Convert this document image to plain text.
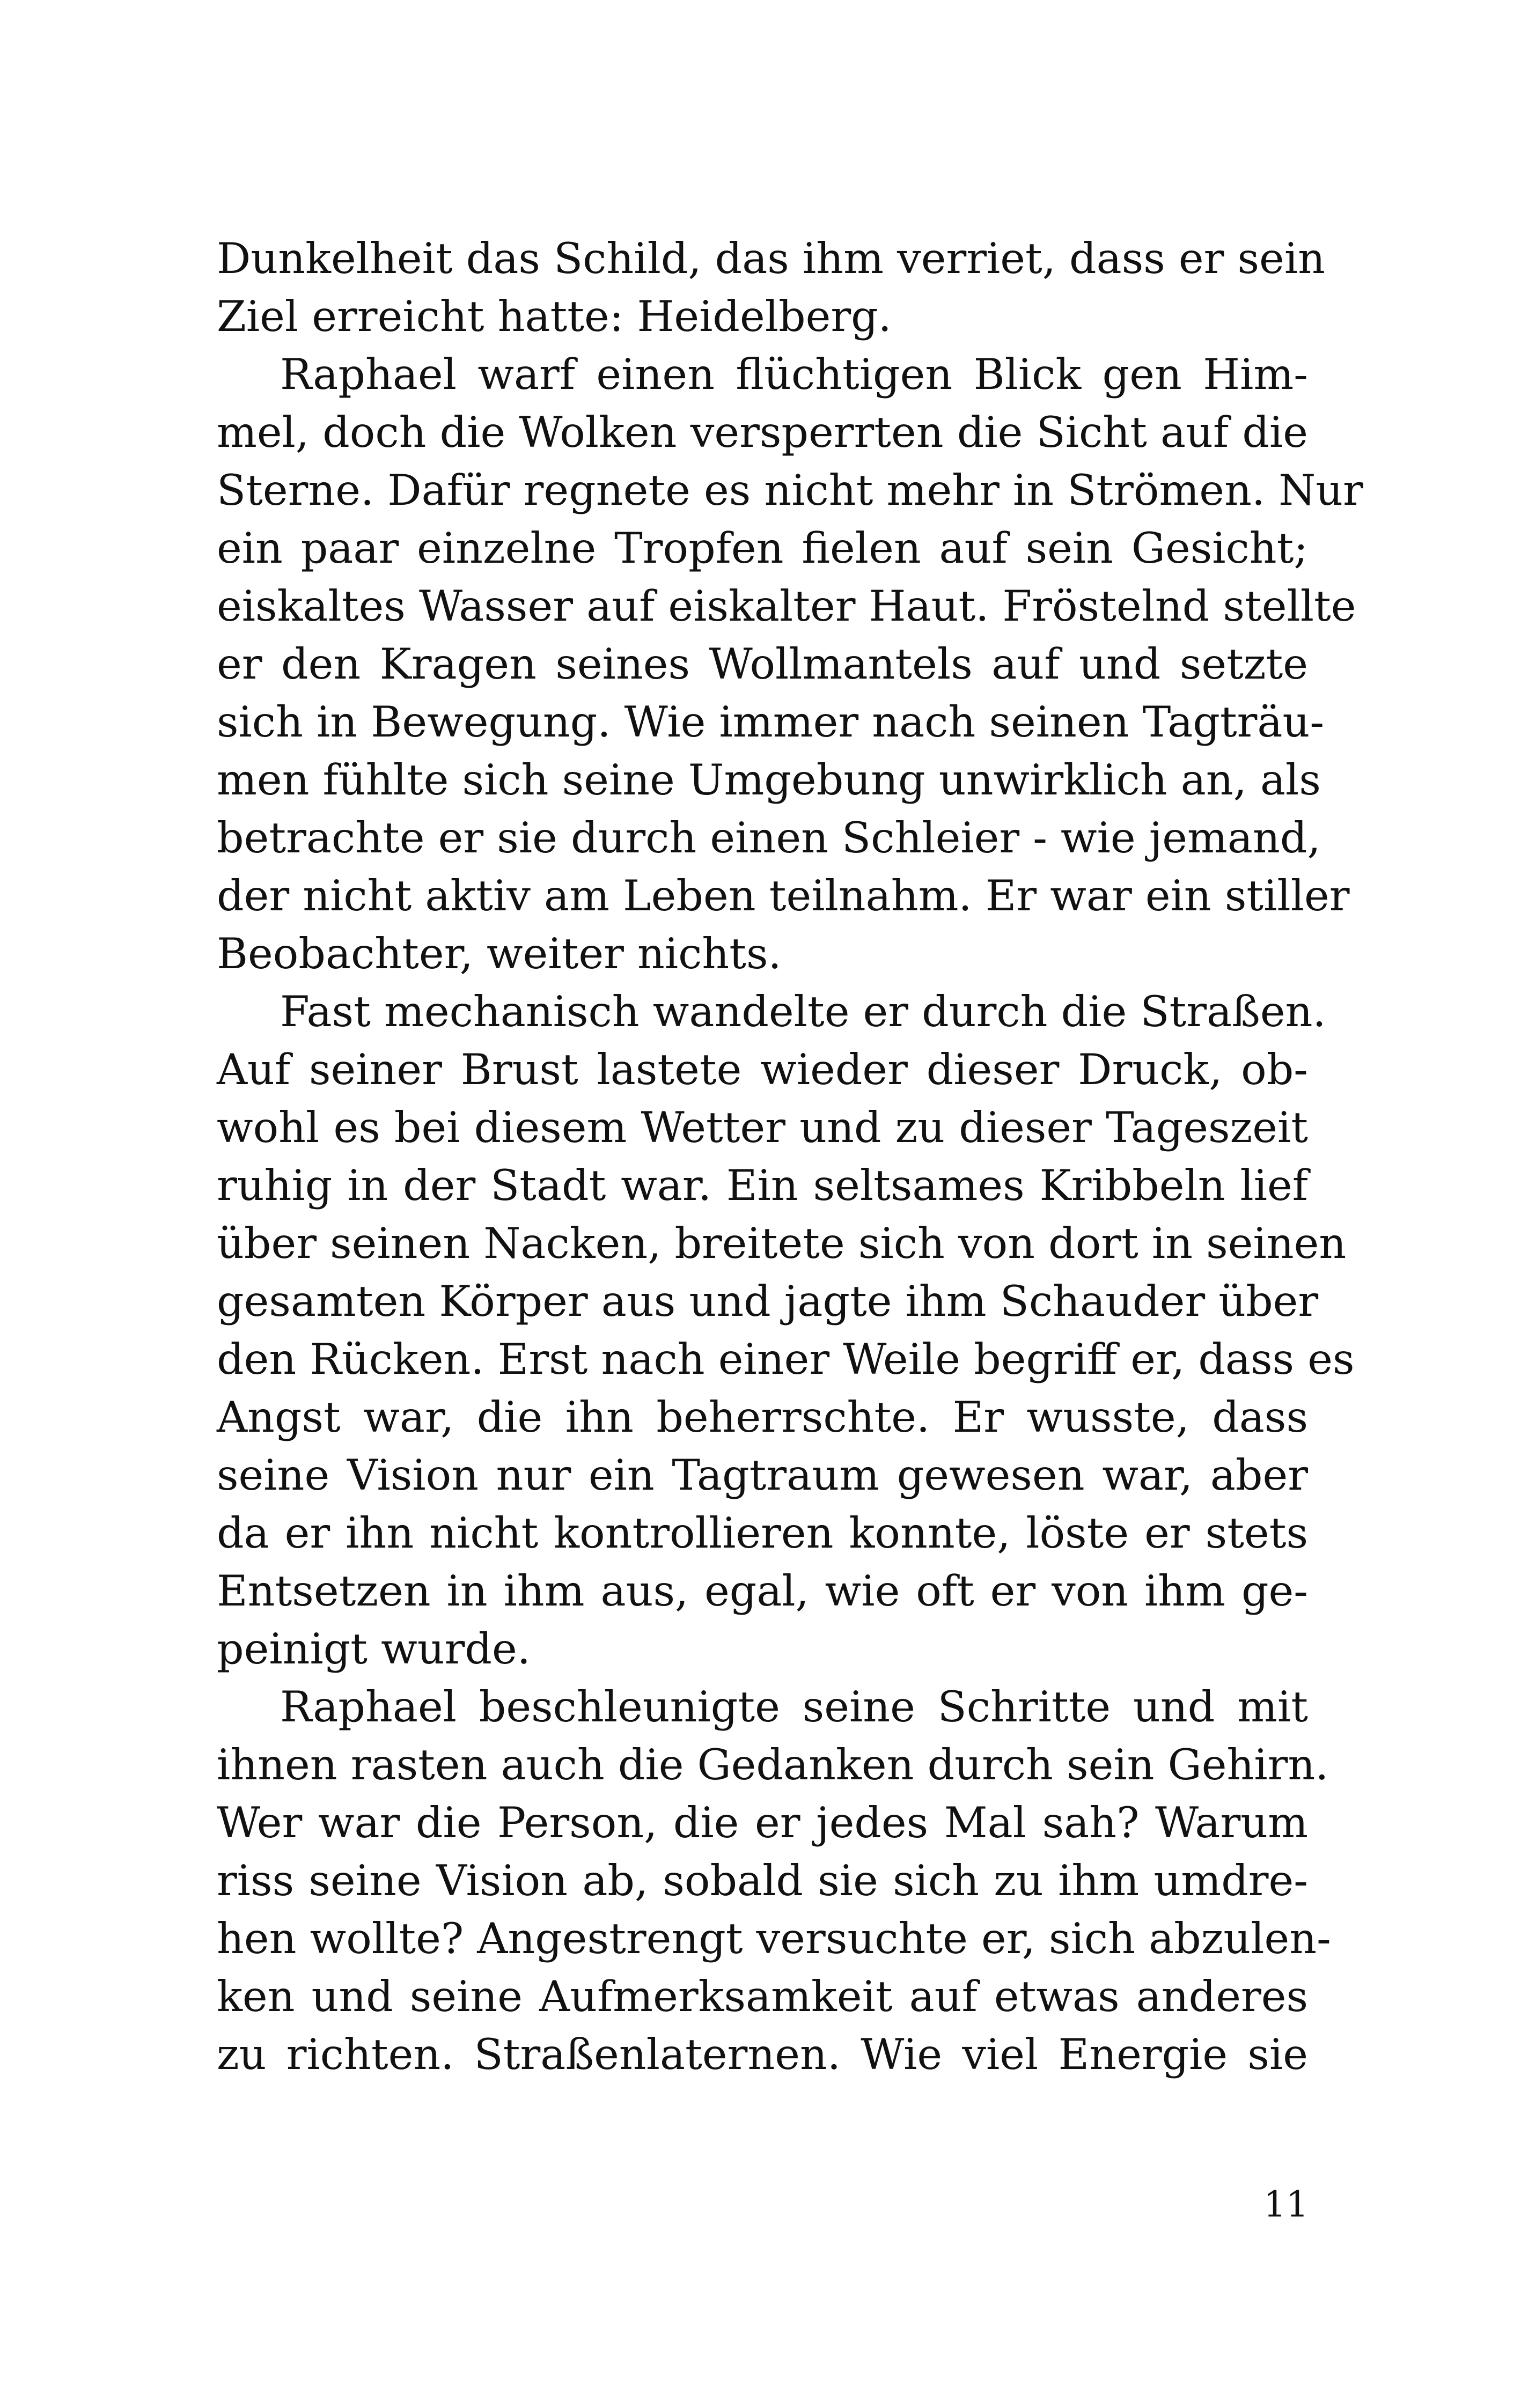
Dunkelheit das Schild, das ihm verriet, dass er sein
Ziel erreicht hatte: Heidelberg.
Raphael warf einen flüchtigen Blick gen Him-
mel, doch die Wolken versperrten die Sicht auf die
Sterne. Dafür regnete es nicht mehr in Strömen. Nur
ein paar einzelne Tropfen fielen auf sein Gesicht;
eiskaltes Wasser auf eiskalter Haut. Fröstelnd stellte
er den Kragen seines Wollmantels auf und setzte
sich in Bewegung. Wie immer nach seinen Tagträu-
men fühlte sich seine Umgebung unwirklich an, als
betrachte er sie durch einen Schleier - wie jemand,
der nicht aktiv am Leben teilnahm. Er war ein stiller
Beobachter, weiter nichts.
Fast mechanisch wandelte er durch die Straßen.
Auf seiner Brust lastete wieder dieser Druck, ob-
wohl es bei diesem Wetter und zu dieser Tageszeit
ruhig in der Stadt war. Ein seltsames Kribbeln lief
über seinen Nacken, breitete sich von dort in seinen
gesamten Körper aus und jagte ihm Schauder über
den Rücken. Erst nach einer Weile begriff er, dass es
Angst war, die ihn beherrschte. Er wusste, dass
seine Vision nur ein Tagtraum gewesen war, aber
da er ihn nicht kontrollieren konnte, löste er stets
Entsetzen in ihm aus, egal, wie oft er von ihm ge-
peinigt wurde.
Raphael beschleunigte seine Schritte und mit
ihnen rasten auch die Gedanken durch sein Gehirn.
Wer war die Person, die er jedes Mal sah? Warum
riss seine Vision ab, sobald sie sich zu ihm umdre-
hen wollte? Angestrengt versuchte er, sich abzulen-
ken und seine Aufmerksamkeit auf etwas anderes
zu richten. Straßenlaternen. Wie viel Energie sie
11
